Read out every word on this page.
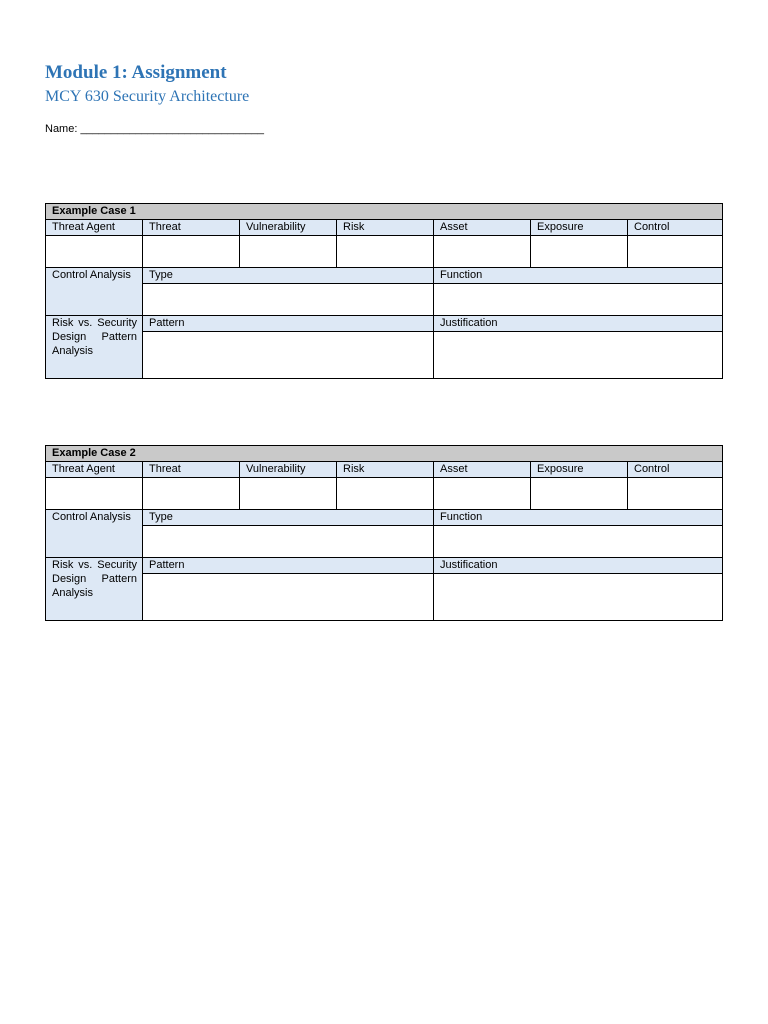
Module 1: Assignment
MCY 630 Security Architecture
Name: ______________________________
Example Case 1						
Threat Agent	Threat	Vulnerability	Risk	Asset	Exposure	Control

Control Analysis	Type			Function		

Risk vs. Security Design Pattern Analysis	Pattern			Justification		

Example Case 2						
Threat Agent	Threat	Vulnerability	Risk	Asset	Exposure	Control

Control Analysis	Type			Function		

Risk vs. Security Design Pattern Analysis	Pattern			Justification		
